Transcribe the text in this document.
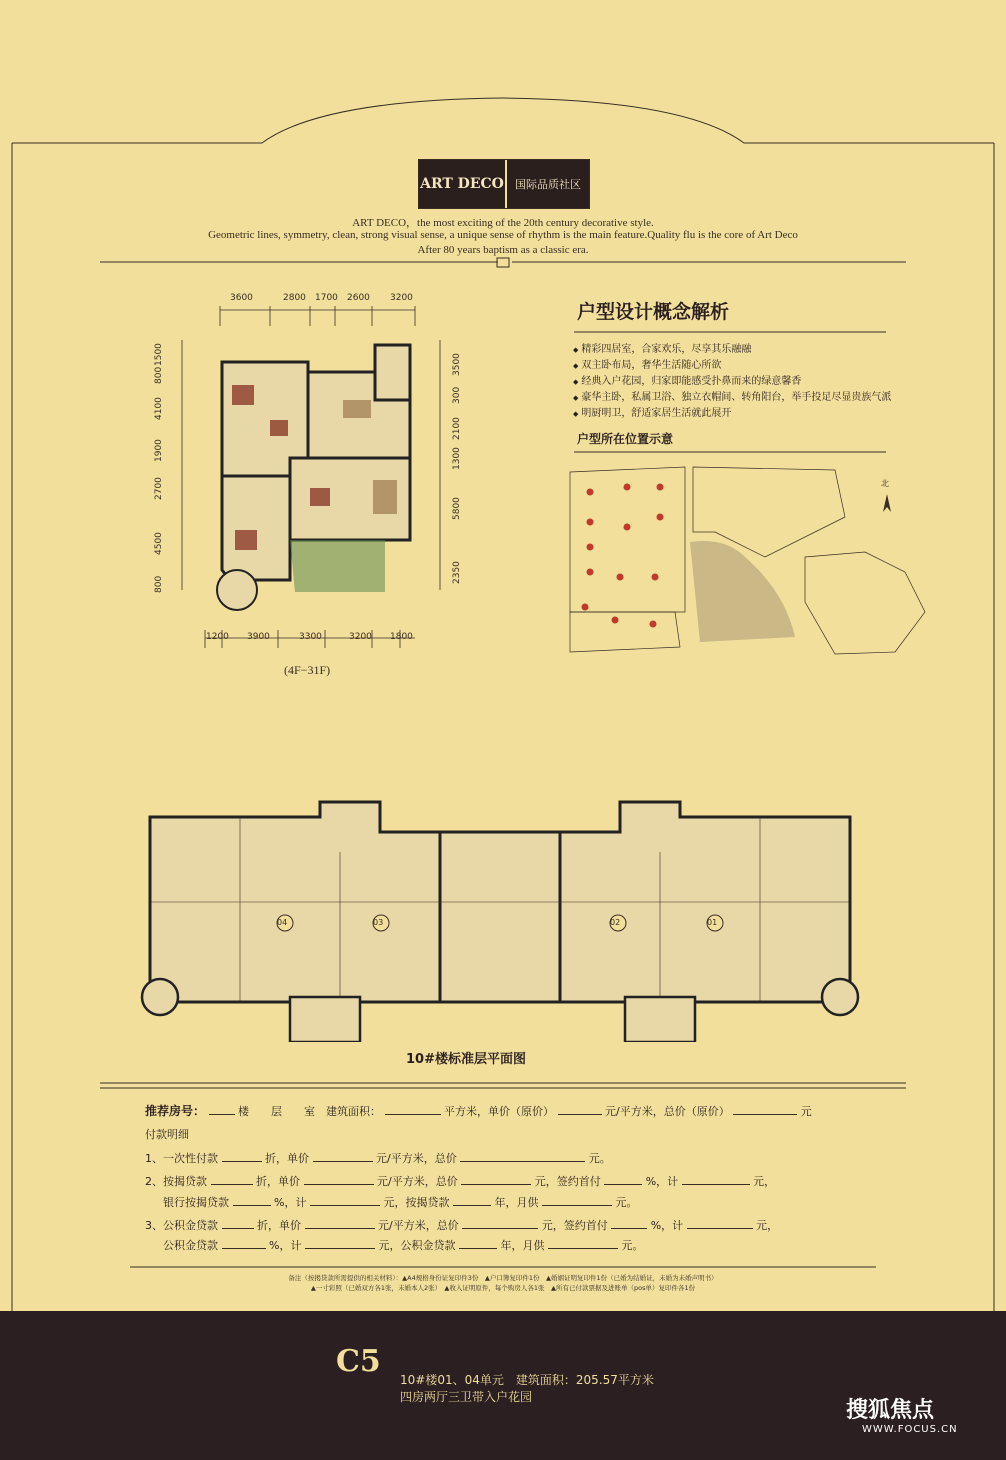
ART DECO	国际品质社区
ART DECO，the most exciting of the 20th century decorative style.
Geometric lines, symmetry, clean, strong visual sense, a unique sense of rhythm is the main feature.Quality flu is the core of Art Deco
After 80 years baptism as a classic era.
3600	2800 1700 2600 3200
1200 3900	3300	3200 1800
1500
800
4100
1900
2700
4500
800
3500
300
2100
1300
5800
2350
(4F−31F)
户型设计概念解析
◆ 精彩四居室，合家欢乐，尽享其乐融融
◆ 双主卧布局，奢华生活随心所欲
◆ 经典入户花园，归家即能感受扑鼻而来的绿意馨香
◆ 豪华主卧，私属卫浴、独立衣帽间、转角阳台，举手投足尽显贵族气派
◆ 明厨明卫，舒适家居生活就此展开
户型所在位置示意
北
04	03	02	01
10#楼标准层平面图
推荐房号：	楼　　层　　室　建筑面积：	平方米，单价（原价）	元/平方米，总价（原价）	元
付款明细
1、一次性付款	折，单价	元/平方米，总价	元。
2、按揭贷款	折，单价	元/平方米，总价	元，签约首付	%，计	元，
银行按揭贷款	%，计	元，按揭贷款	年，月供	元。
3、公积金贷款	折，单价	元/平方米，总价	元，签约首付	%，计	元，
公积金贷款	%，计	元，公积金贷款	年，月供	元。
备注（按揭贷款所需提供的相关材料）：▲A4规格身份证复印件3份　▲户口簿复印件1份　▲婚姻证明复印件1份（已婚为结婚证，未婚为未婚声明书）
▲一寸彩照（已婚双方各1张，未婚本人2张）　▲收入证明原件，每个购房人各1张　▲所有已付款票据及进账单（pos单）复印件各1份
C5
10#楼01、04单元　建筑面积：205.57平方米
四房两厅三卫带入户花园
搜狐焦点
WWW.FOCUS.CN
